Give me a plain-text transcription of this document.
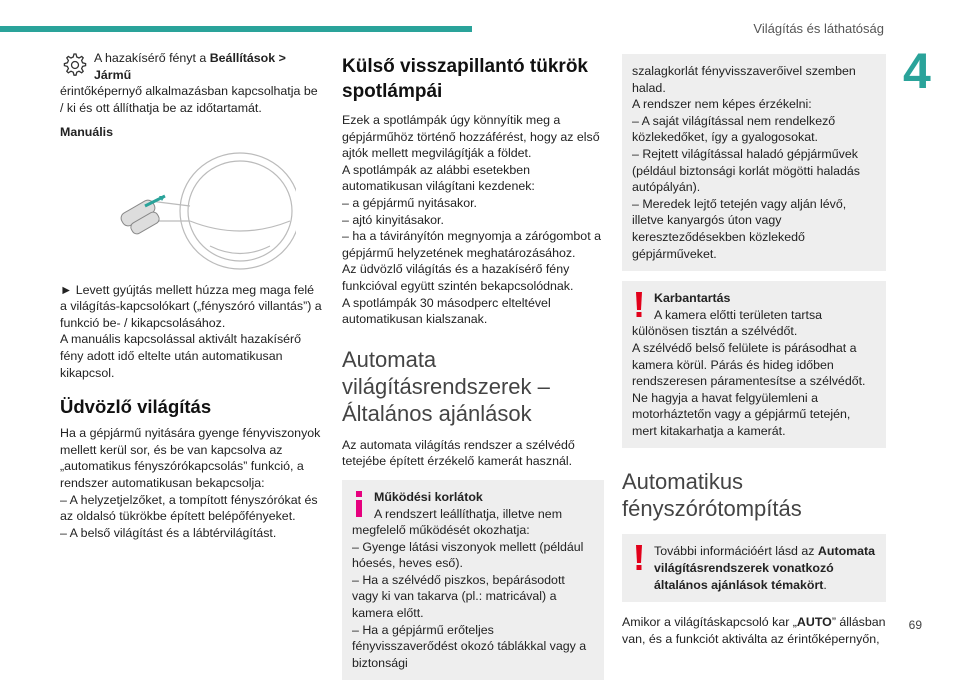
Világítás és láthatóság
4

A hazakísérő fényt a Beállítások > Jármű

érintőképernyő alkalmazásban kapcsolhatja be / ki és ott állíthatja be az időtartamát.

Manuális

► Levett gyújtás mellett húzza meg maga felé a világítás-kapcsolókart („fényszóró villantás”) a funkció be- / kikapcsolásához.

A manuális kapcsolással aktivált hazakísérő fény adott idő eltelte után automatikusan kikapcsol.

Üdvözlő világítás

Ha a gépjármű nyitására gyenge fényviszonyok mellett kerül sor, és be van kapcsolva az „automatikus fényszórókapcsolás” funkció, a rendszer automatikusan bekapcsolja:

– A helyzetjelzőket, a tompított fényszórókat és az oldalsó tükrökbe épített belépőfényeket.

– A belső világítást és a lábtérvilágítást.

Külső visszapillantó tükrök spotlámpái

Ezek a spotlámpák úgy könnyítik meg a gépjárműhöz történő hozzáférést, hogy az első ajtók mellett megvilágítják a földet.

A spotlámpák az alábbi esetekben automatikusan világítani kezdenek:

– a gépjármű nyitásakor.

– ajtó kinyitásakor.

– ha a távirányítón megnyomja a zárógombot a gépjármű helyzetének meghatározásához.

Az üdvözlő világítás és a hazakísérő fény funkcióval együtt szintén bekapcsolódnak.

A spotlámpák 30 másodperc elteltével automatikusan kialszanak.

Automata világításrendszerek – Általános ajánlások

Az automata világítás rendszer a szélvédő tetejébe épített érzékelő kamerát használ.

Működési korlátok

A rendszert leállíthatja, illetve nem

megfelelő működését okozhatja:

– Gyenge látási viszonyok mellett (például hóesés, heves eső).

– Ha a szélvédő piszkos, bepárásodott vagy ki van takarva (pl.: matricával) a kamera előtt.

– Ha a gépjármű erőteljes fényvisszaverődést okozó táblákkal vagy a biztonsági

szalagkorlát fényvisszaverőivel szemben halad.

A rendszer nem képes érzékelni:

– A saját világítással nem rendelkező közlekedőket, így a gyalogosokat.

– Rejtett világítással haladó gépjárművek (például biztonsági korlát mögötti haladás autópályán).

– Meredek lejtő tetején vagy alján lévő, illetve kanyargós úton vagy kereszteződésekben közlekedő gépjárműveket.

Karbantartás

A kamera előtti területen tartsa

különösen tisztán a szélvédőt.

A szélvédő belső felülete is párásodhat a kamera körül. Párás és hideg időben rendszeresen páramentesítse a szélvédőt.

Ne hagyja a havat felgyülemleni a motorháztetőn vagy a gépjármű tetején, mert kitakarhatja a kamerát.

Automatikus fényszórótompítás

További információért lásd az Automata világításrendszerek vonatkozó általános ajánlások témakört.

Amikor a világításkapcsoló kar „AUTO” állásban van, és a funkciót aktiválta az érintőképernyőn,

69
